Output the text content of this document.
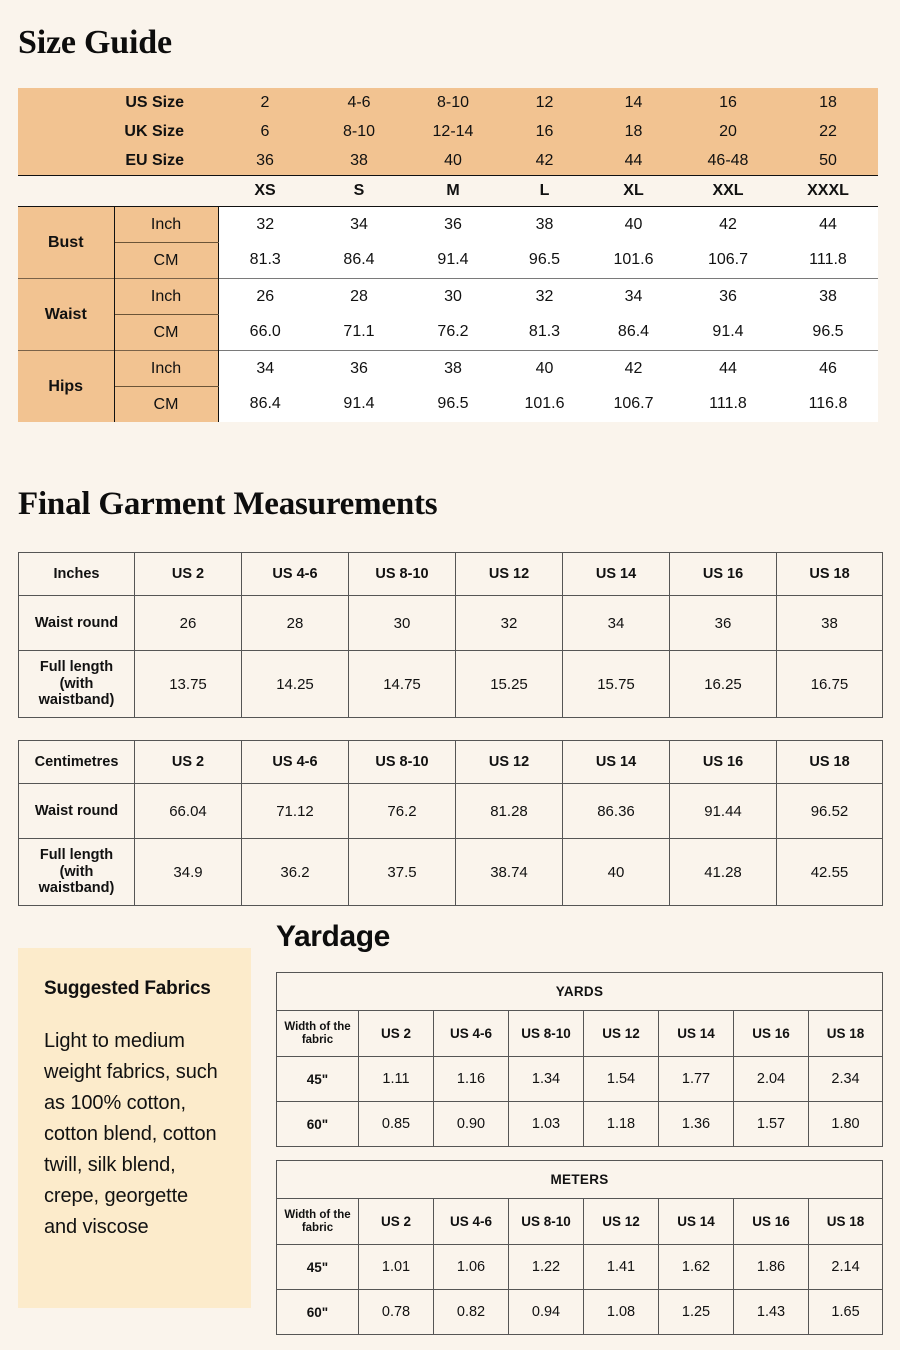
Size Guide
US Size		2	4-6	8-10	12	14	16	18
UK Size		6	8-10	12-14	16	18	20	22
EU Size		36	38	40	42	44	46-48	50
		XS	S	M	L	XL	XXL	XXXL
Bust	Inch	32	34	36	38	40	42	44
	CM	81.3	86.4	91.4	96.5	101.6	106.7	111.8
Waist	Inch	26	28	30	32	34	36	38
	CM	66.0	71.1	76.2	81.3	86.4	91.4	96.5
Hips	Inch	34	36	38	40	42	44	46
	CM	86.4	91.4	96.5	101.6	106.7	111.8	116.8
Final Garment Measurements
Inches	US 2	US 4-6	US 8-10	US 12	US 14	US 16	US 18
Waist round	26	28	30	32	34	36	38
Full length (with waistband)	13.75	14.25	14.75	15.25	15.75	16.25	16.75
Centimetres	US 2	US 4-6	US 8-10	US 12	US 14	US 16	US 18
Waist round	66.04	71.12	76.2	81.28	86.36	91.44	96.52
Full length (with waistband)	34.9	36.2	37.5	38.74	40	41.28	42.55
Suggested Fabrics
Light to medium weight fabrics, such as 100% cotton, cotton blend, cotton twill, silk blend, crepe, georgette and viscose
Yardage
YARDS							
Width of the fabric	US 2	US 4-6	US 8-10	US 12	US 14	US 16	US 18
45"	1.11	1.16	1.34	1.54	1.77	2.04	2.34
60"	0.85	0.90	1.03	1.18	1.36	1.57	1.80
METERS							
Width of the fabric	US 2	US 4-6	US 8-10	US 12	US 14	US 16	US 18
45"	1.01	1.06	1.22	1.41	1.62	1.86	2.14
60"	0.78	0.82	0.94	1.08	1.25	1.43	1.65
